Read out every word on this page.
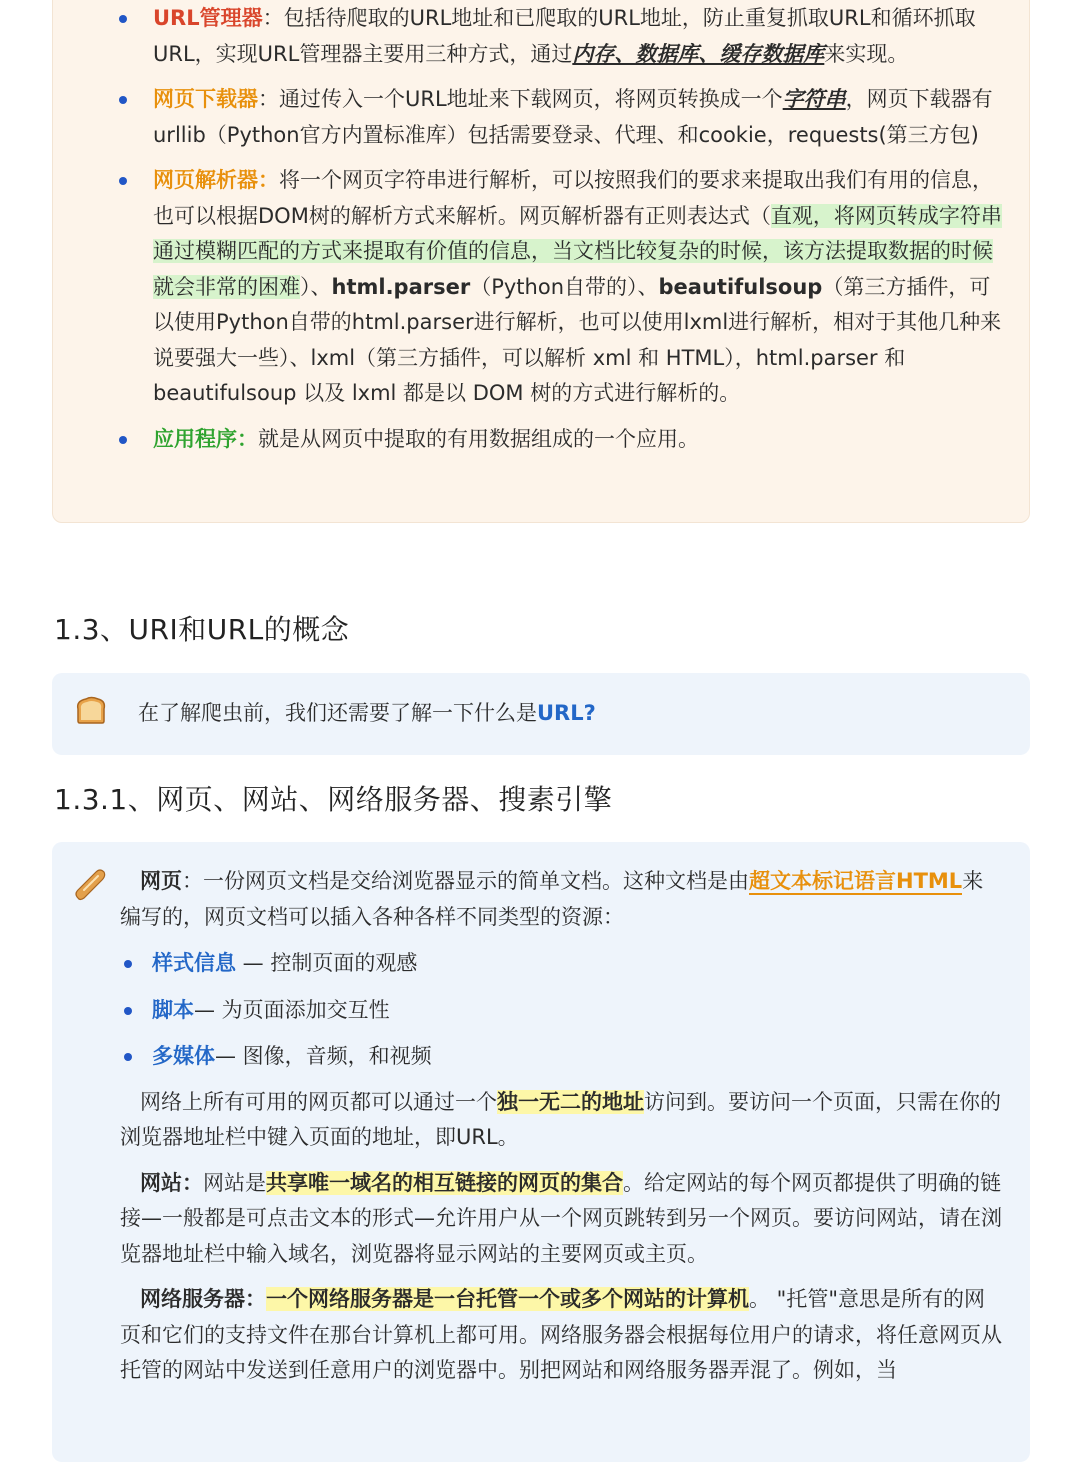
URL管理器：包括待爬取的URL地址和已爬取的URL地址，防止重复抓取URL和循环抓取URL，实现URL管理器主要用三种方式，通过内存、数据库、缓存数据库来实现。
网页下载器：通过传入一个URL地址来下载网页，将网页转换成一个字符串，网页下载器有urllib（Python官方内置标准库）包括需要登录、代理、和cookie，requests(第三方包)
网页解析器：将一个网页字符串进行解析，可以按照我们的要求来提取出我们有用的信息，也可以根据DOM树的解析方式来解析。网页解析器有正则表达式（直观，将网页转成字符串通过模糊匹配的方式来提取有价值的信息，当文档比较复杂的时候，该方法提取数据的时候就会非常的困难）、html.parser（Python自带的）、beautifulsoup（第三方插件，可以使用Python自带的html.parser进行解析，也可以使用lxml进行解析，相对于其他几种来说要强大一些）、lxml（第三方插件，可以解析 xml 和 HTML），html.parser 和 beautifulsoup 以及 lxml 都是以 DOM 树的方式进行解析的。
应用程序：就是从网页中提取的有用数据组成的一个应用。
1.3、URI和URL的概念
在了解爬虫前，我们还需要了解一下什么是URL?
1.3.1、网页、网站、网络服务器、搜素引擎
网页：一份网页文档是交给浏览器显示的简单文档。这种文档是由超文本标记语言HTML来编写的，网页文档可以插入各种各样不同类型的资源：
样式信息 — 控制页面的观感
脚本— 为页面添加交互性
多媒体— 图像，音频，和视频
网络上所有可用的网页都可以通过一个独一无二的地址访问到。要访问一个页面，只需在你的浏览器地址栏中键入页面的地址，即URL。
网站：网站是共享唯一域名的相互链接的网页的集合。给定网站的每个网页都提供了明确的链接—一般都是可点击文本的形式—允许用户从一个网页跳转到另一个网页。要访问网站，请在浏览器地址栏中输入域名，浏览器将显示网站的主要网页或主页。
网络服务器：一个网络服务器是一台托管一个或多个网站的计算机。 "托管"意思是所有的网页和它们的支持文件在那台计算机上都可用。网络服务器会根据每位用户的请求，将任意网页从托管的网站中发送到任意用户的浏览器中。别把网站和网络服务器弄混了。例如，当
